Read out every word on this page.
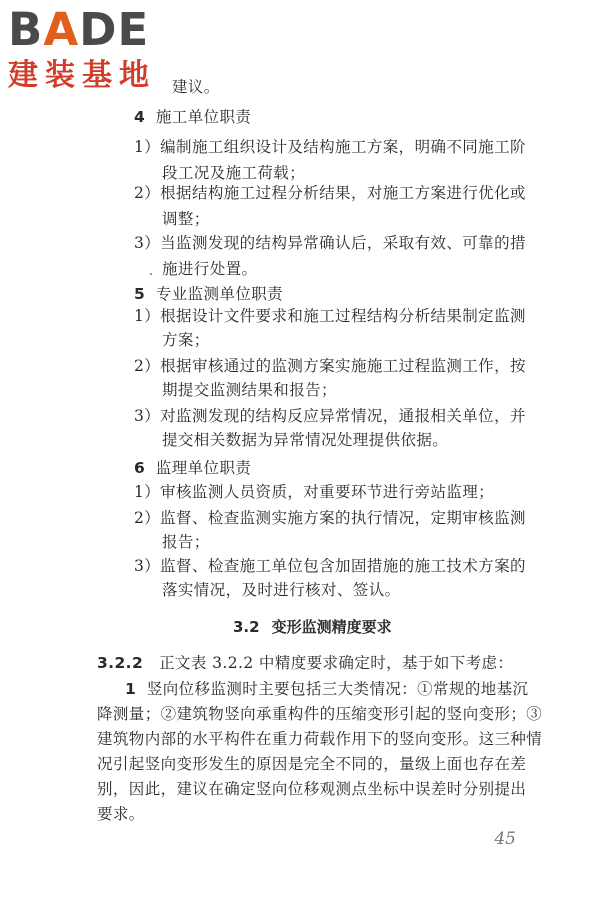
BADE
建装基地 建议。
4  施工单位职责
1）编制施工组织设计及结构施工方案，明确不同施工阶
段工况及施工荷载；
2）根据结构施工过程分析结果，对施工方案进行优化或
调整；
3）当监测发现的结构异常确认后，采取有效、可靠的措
施进行处置。
5  专业监测单位职责
1）根据设计文件要求和施工过程结构分析结果制定监测
方案；
2）根据审核通过的监测方案实施施工过程监测工作，按
期提交监测结果和报告；
3）对监测发现的结构反应异常情况，通报相关单位，并
提交相关数据为异常情况处理提供依据。
6  监理单位职责
1）审核监测人员资质，对重要环节进行旁站监理；
2）监督、检查监测实施方案的执行情况，定期审核监测
报告；
3）监督、检查施工单位包含加固措施的施工技术方案的
落实情况，及时进行核对、签认。
3.2 变形监测精度要求
3.2.2 正文表 3.2.2 中精度要求确定时，基于如下考虑：
1 竖向位移监测时主要包括三大类情况：①常规的地基沉
降测量；②建筑物竖向承重构件的压缩变形引起的竖向变形；③
建筑物内部的水平构件在重力荷载作用下的竖向变形。这三种情
况引起竖向变形发生的原因是完全不同的，量级上面也存在差
别，因此，建议在确定竖向位移观测点坐标中误差时分别提出
要求。
45
